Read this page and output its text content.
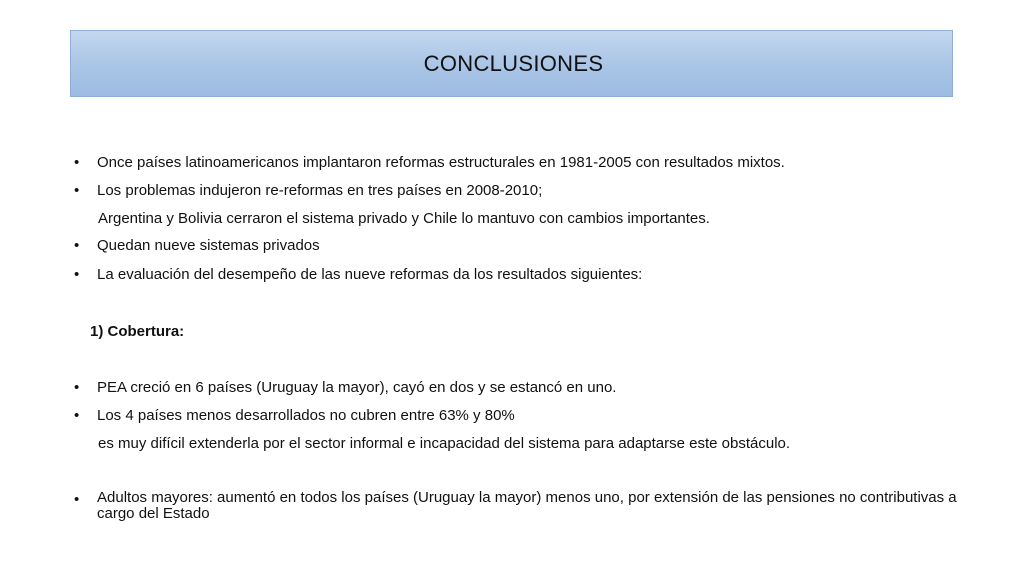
CONCLUSIONES
• Once países latinoamericanos implantaron reformas estructurales en 1981-2005 con resultados mixtos.
• Los problemas indujeron re-reformas en tres países en 2008-2010;
Argentina y Bolivia cerraron el sistema privado y Chile lo mantuvo con cambios importantes.
• Quedan nueve sistemas privados
• La evaluación del desempeño de las nueve reformas da los resultados siguientes:
1) Cobertura:
• PEA creció en 6 países (Uruguay la mayor), cayó en dos y se estancó en uno.
• Los 4 países menos desarrollados no cubren entre 63% y 80%
es muy difícil extenderla por el sector informal e incapacidad del sistema para adaptarse este obstáculo.
• Adultos mayores: aumentó en todos los países (Uruguay la mayor) menos uno, por extensión de las pensiones no contributivas a cargo del Estado
